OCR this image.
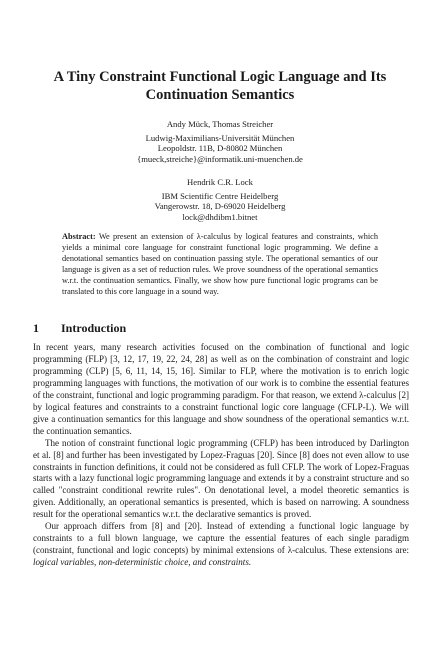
A Tiny Constraint Functional Logic Language and Its Continuation Semantics
Andy Mück, Thomas Streicher
Ludwig-Maximilians-Universität München
Leopoldstr. 11B, D-80802 München
{mueck,streiche}@informatik.uni-muenchen.de
Hendrik C.R. Lock
IBM Scientific Centre Heidelberg
Vangerowstr. 18, D-69020 Heidelberg
lock@dhdibm1.bitnet
Abstract: We present an extension of λ-calculus by logical features and constraints, which yields a minimal core language for constraint functional logic programming. We define a denotational semantics based on continuation passing style. The operational semantics of our language is given as a set of reduction rules. We prove soundness of the operational semantics w.r.t. the continuation semantics. Finally, we show how pure functional logic programs can be translated to this core language in a sound way.
1 Introduction

In recent years, many research activities focused on the combination of functional and logic programming (FLP) [3, 12, 17, 19, 22, 24, 28] as well as on the combination of constraint and logic programming (CLP) [5, 6, 11, 14, 15, 16]. Similar to FLP, where the motivation is to enrich logic programming languages with functions, the motivation of our work is to combine the essential features of the constraint, functional and logic programming paradigm. For that reason, we extend λ-calculus [2] by logical features and constraints to a constraint functional logic core language (CFLP-L). We will give a continuation semantics for this language and show soundness of the operational semantics w.r.t. the continuation semantics.

The notion of constraint functional logic programming (CFLP) has been introduced by Darlington et al. [8] and further has been investigated by Lopez-Fraguas [20]. Since [8] does not even allow to use constraints in function definitions, it could not be considered as full CFLP. The work of Lopez-Fraguas starts with a lazy functional logic programming language and extends it by a constraint structure and so called "constraint conditional rewrite rules". On denotational level, a model theoretic semantics is given. Additionally, an operational semantics is presented, which is based on narrowing. A soundness result for the operational semantics w.r.t. the declarative semantics is proved.

Our approach differs from [8] and [20]. Instead of extending a functional logic language by constraints to a full blown language, we capture the essential features of each single paradigm (constraint, functional and logic concepts) by minimal extensions of λ-calculus. These extensions are: logical variables, non-deterministic choice, and constraints.
